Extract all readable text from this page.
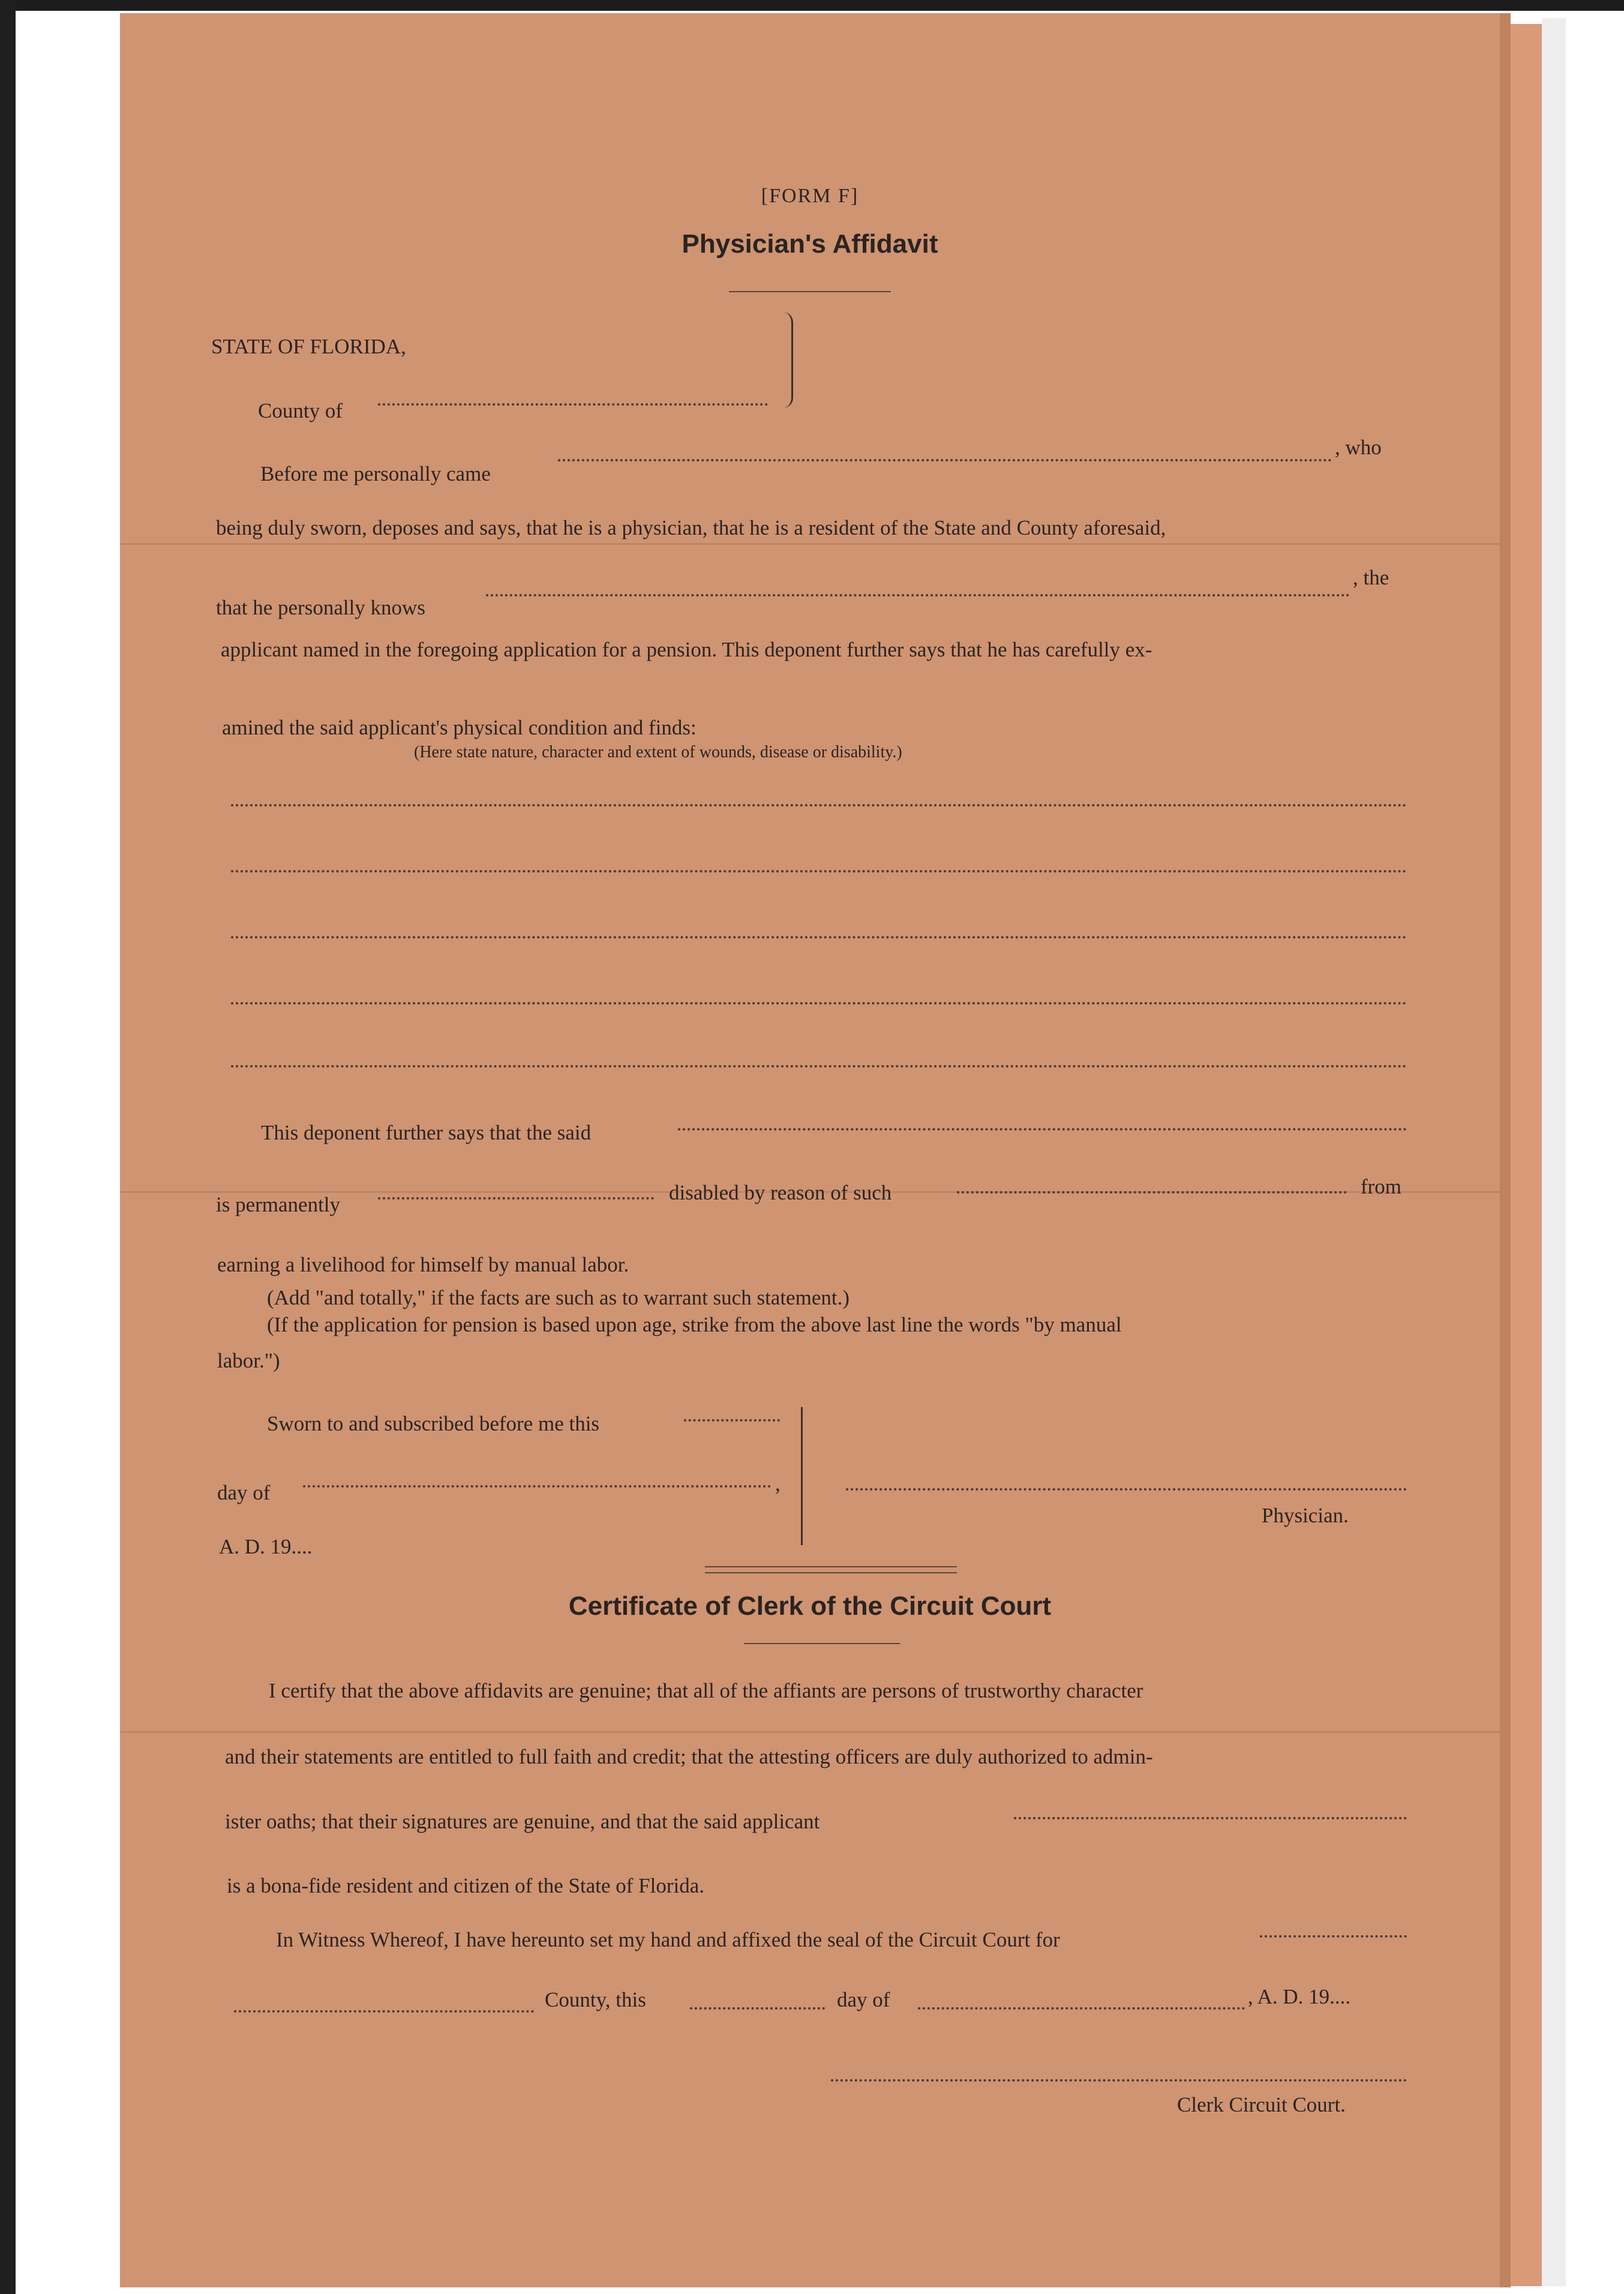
[FORM F]
Physician's Affidavit
STATE OF FLORIDA,
County of
Before me personally came
, who
being duly sworn, deposes and says, that he is a physician, that he is a resident of the State and County aforesaid,
that he personally knows
, the
applicant named in the foregoing application for a pension. This deponent further says that he has carefully ex-
amined the said applicant's physical condition and finds:
(Here state nature, character and extent of wounds, disease or disability.)
This deponent further says that the said
is permanently
disabled by reason of such	from
earning a livelihood for himself by manual labor.
(Add "and totally," if the facts are such as to warrant such statement.)
(If the application for pension is based upon age, strike from the above last line the words "by manual
labor.")
Sworn to and subscribed before me this
day of	,
A. D. 19....
Physician.
Certificate of Clerk of the Circuit Court
I certify that the above affidavits are genuine; that all of the affiants are persons of trustworthy character
and their statements are entitled to full faith and credit; that the attesting officers are duly authorized to admin-
ister oaths; that their signatures are genuine, and that the said applicant
is a bona-fide resident and citizen of the State of Florida.
In Witness Whereof, I have hereunto set my hand and affixed the seal of the Circuit Court for
County, this	day of	, A. D. 19....
Clerk Circuit Court.
